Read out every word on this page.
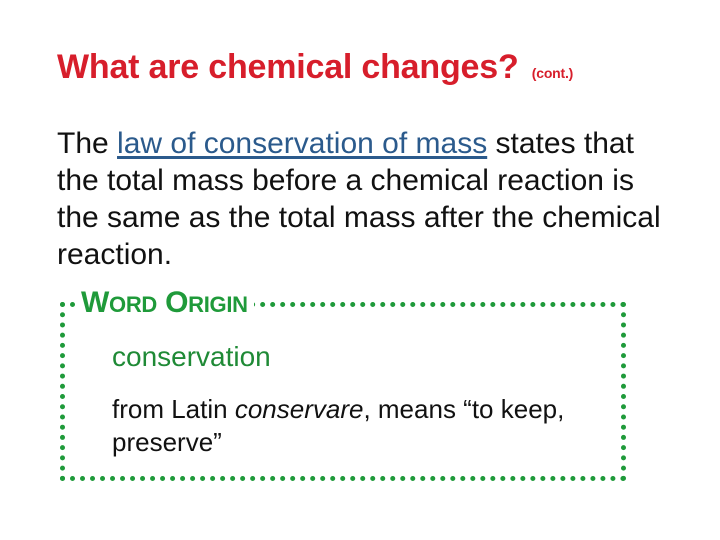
What are chemical changes? (cont.)
The law of conservation of mass states that the total mass before a chemical reaction is the same as the total mass after the chemical reaction.
WORD ORIGIN
conservation
from Latin conservare, means “to keep, preserve”
